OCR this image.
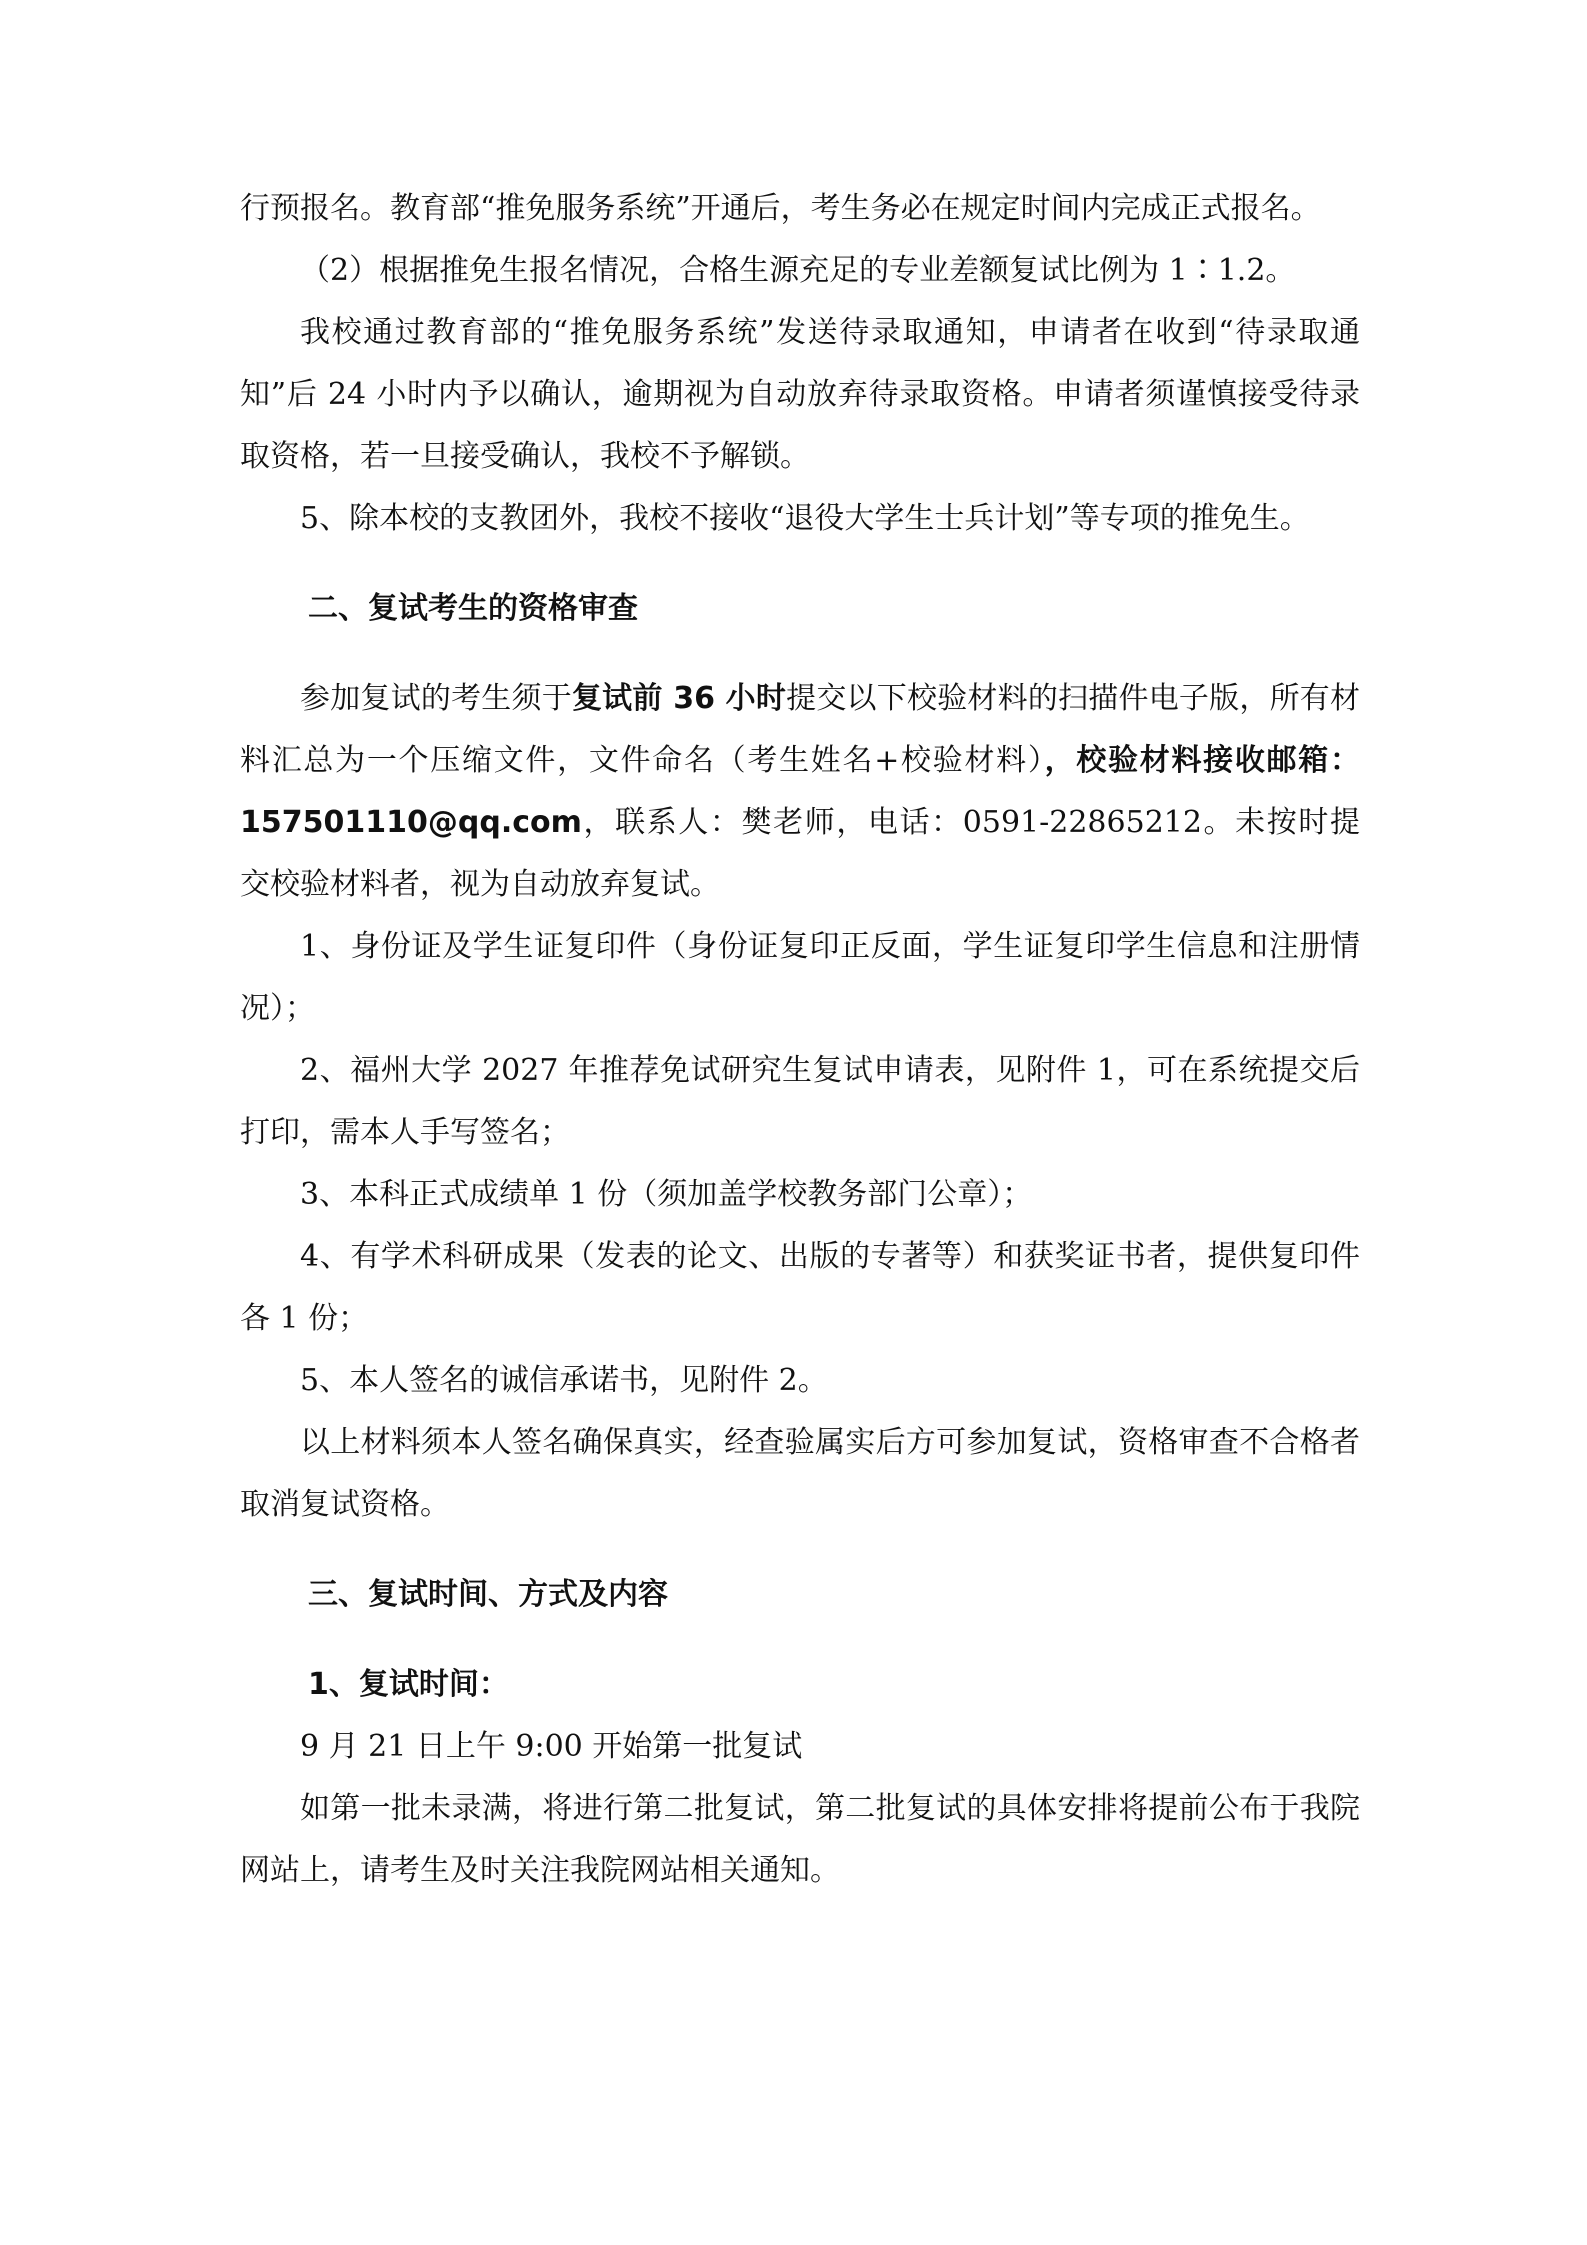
行预报名。教育部“推免服务系统”开通后，考生务必在规定时间内完成正式报名。

（2）根据推免生报名情况，合格生源充足的专业差额复试比例为 1∶1.2。

我校通过教育部的“推免服务系统”发送待录取通知，申请者在收到“待录取通知”后 24 小时内予以确认，逾期视为自动放弃待录取资格。申请者须谨慎接受待录取资格，若一旦接受确认，我校不予解锁。

5、除本校的支教团外，我校不接收“退役大学生士兵计划”等专项的推免生。

二、复试考生的资格审查

参加复试的考生须于复试前 36 小时提交以下校验材料的扫描件电子版，所有材料汇总为一个压缩文件，文件命名（考生姓名+校验材料），校验材料接收邮箱：157501110@qq.com，联系人：樊老师，电话：0591-22865212。未按时提交校验材料者，视为自动放弃复试。

1、身份证及学生证复印件（身份证复印正反面，学生证复印学生信息和注册情况）；

2、福州大学 2027 年推荐免试研究生复试申请表，见附件 1，可在系统提交后打印，需本人手写签名；

3、本科正式成绩单 1 份（须加盖学校教务部门公章）；

4、有学术科研成果（发表的论文、出版的专著等）和获奖证书者，提供复印件各 1 份；

5、本人签名的诚信承诺书，见附件 2。

以上材料须本人签名确保真实，经查验属实后方可参加复试，资格审查不合格者取消复试资格。

三、复试时间、方式及内容

1、复试时间：

9 月 21 日上午 9:00 开始第一批复试

如第一批未录满，将进行第二批复试，第二批复试的具体安排将提前公布于我院网站上，请考生及时关注我院网站相关通知。
